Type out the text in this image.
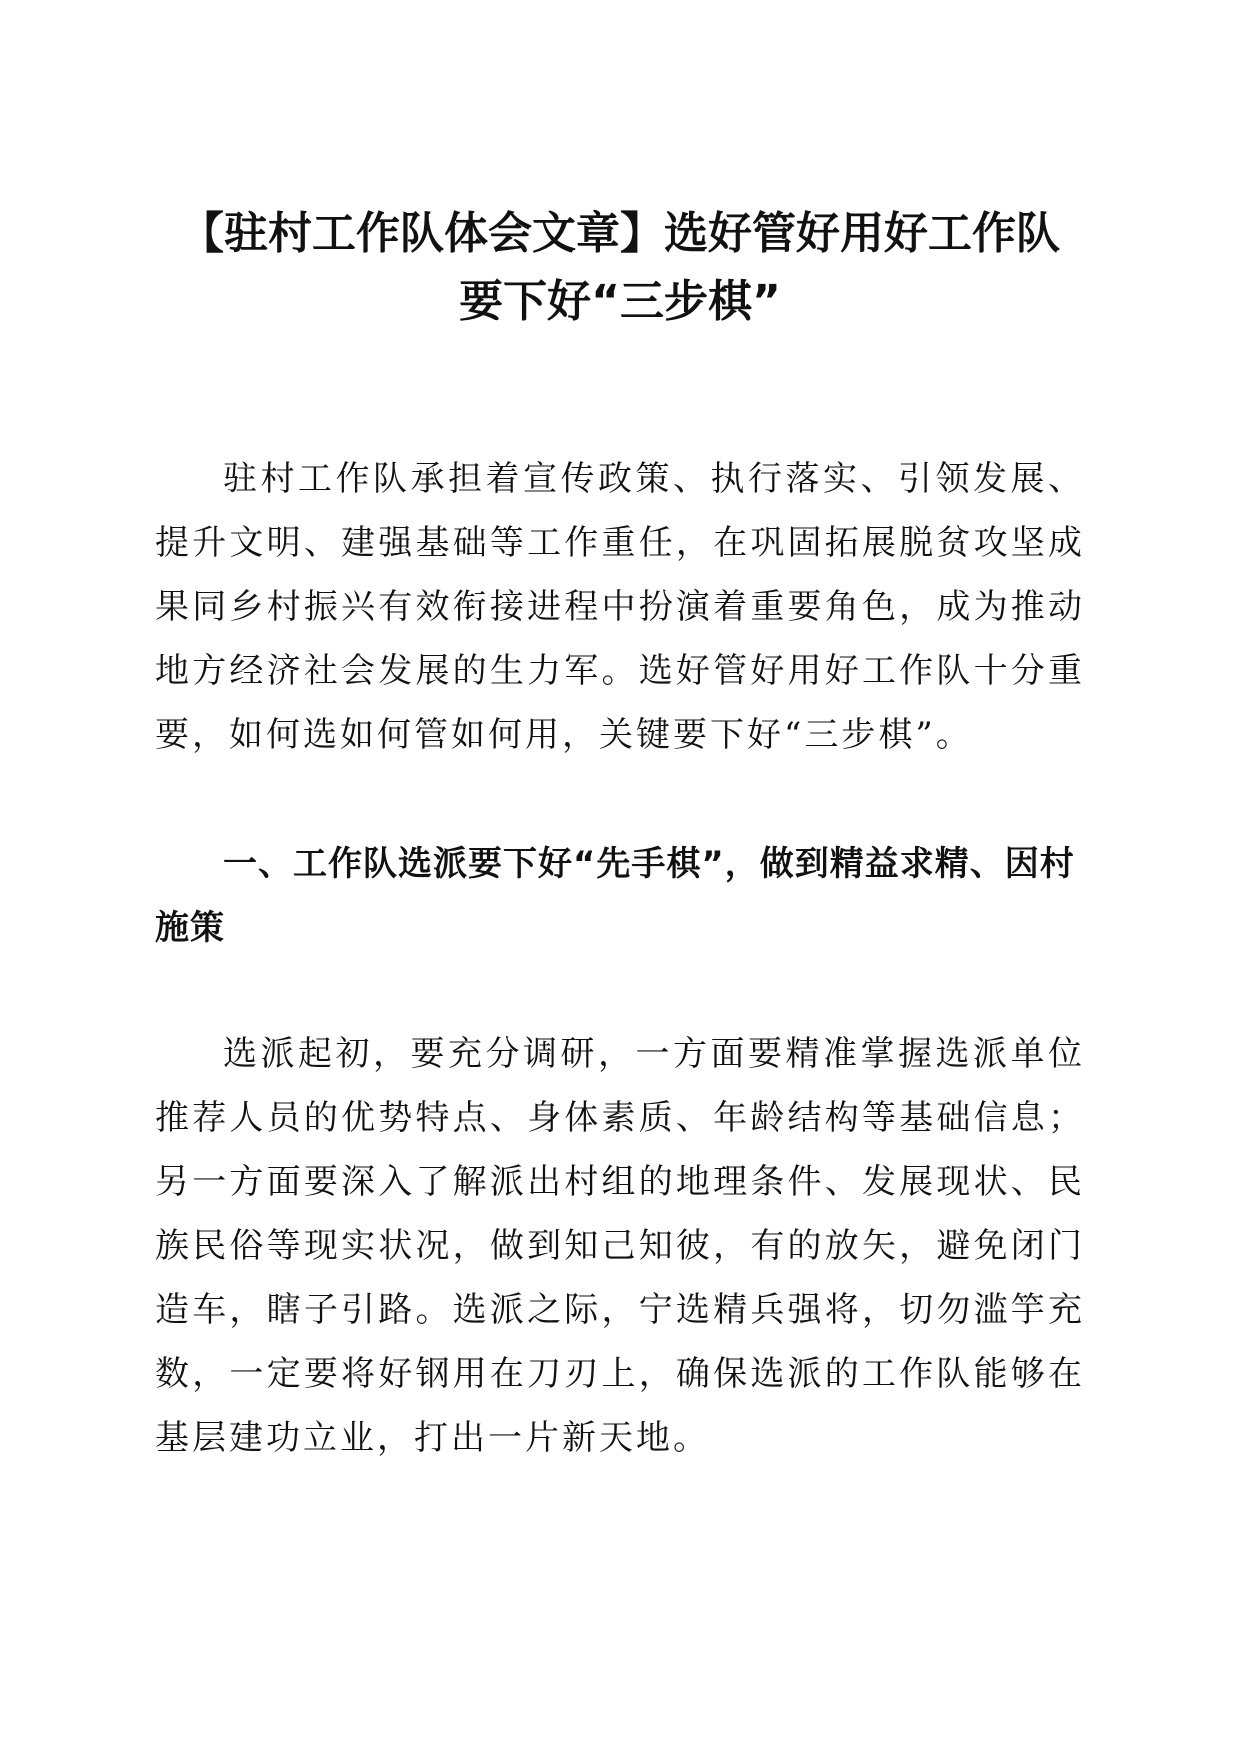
【驻村工作队体会文章】选好管好用好工作队
要下好“三步棋”

驻村工作队承担着宣传政策、执行落实、引领发展、提升文明、建强基础等工作重任，在巩固拓展脱贫攻坚成果同乡村振兴有效衔接进程中扮演着重要角色，成为推动地方经济社会发展的生力军。选好管好用好工作队十分重要，如何选如何管如何用，关键要下好“三步棋”。

一、工作队选派要下好“先手棋”，做到精益求精、因村施策

选派起初，要充分调研，一方面要精准掌握选派单位推荐人员的优势特点、身体素质、年龄结构等基础信息；另一方面要深入了解派出村组的地理条件、发展现状、民族民俗等现实状况，做到知己知彼，有的放矢，避免闭门造车，瞎子引路。选派之际，宁选精兵强将，切勿滥竽充数，一定要将好钢用在刀刃上，确保选派的工作队能够在基层建功立业，打出一片新天地。
